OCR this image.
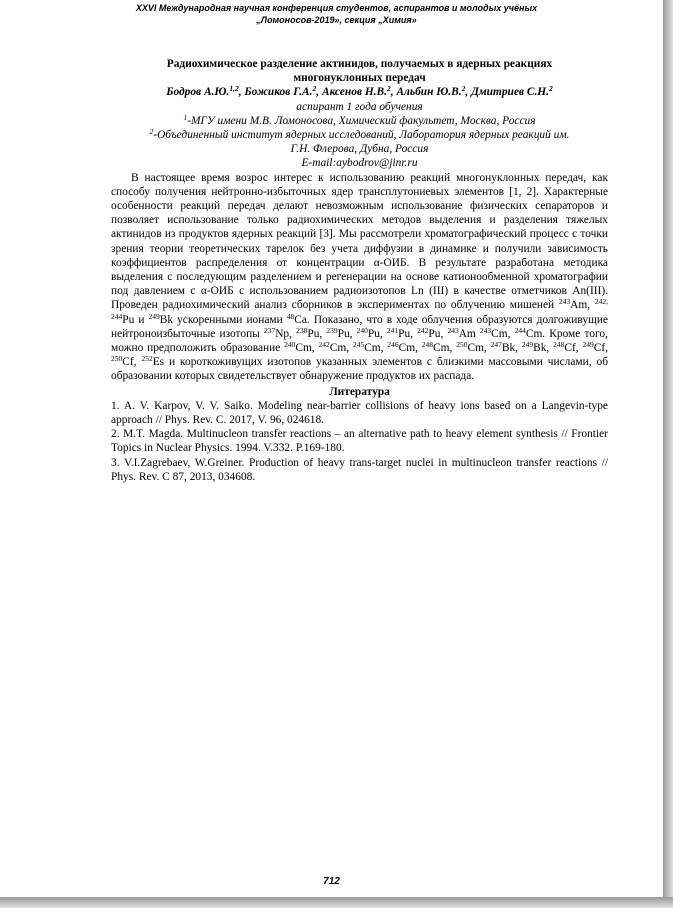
XXVI Международная научная конференция студентов, аспирантов и молодых учёных
„Ломоносов-2019», секция „Химия»
Радиохимическое разделение актинидов, получаемых в ядерных реакциях
многонуклонных передач
Бодров А.Ю.$^{1,2}$, Божиков Г.А.$^2$, Аксенов Н.В.$^2$, Альбин Ю.В.$^2$, Дмитриев С.Н.$^2$
аспирант 1 года обучения
$^1$-МГУ имени М.В. Ломоносова, Химический факультет, Москва, Россия
$^2$-Объединенный институт ядерных исследований, Лаборатория ядерных реакций им.
Г.Н. Флерова, Дубна, Россия
E-mail:aybodrov@jinr.ru

В настоящее время возрос интерес к использованию реакций многонуклонных передач, как способу получения нейтронно-избыточных ядер трансплутониевых элементов [1, 2]. Характерные особенности реакций передач делают невозможным использование физических сепараторов и позволяет использование только радиохимических методов выделения и разделения тяжелых актинидов из продуктов ядерных реакций [3]. Мы рассмотрели хроматографический процесс с точки зрения теории теоретических тарелок без учета диффузии в динамике и получили зависимость коэффициентов распределения от концентрации α-ОИБ. В результате разработана методика выделения с последующим разделением и регенерации на основе катионообменной хроматографии под давлением с α-ОИБ с использованием радиоизотопов Ln (III) в качестве отметчиков An(III). Проведен радиохимический анализ сборников в экспериментах по облучению мишеней $^{243}$Am, $^{242, 244}$Pu и $^{249}$Bk ускоренными ионами $^{48}$Ca. Показано, что в ходе облучения образуются долгоживущие нейтроноизбыточные изотопы $^{237}$Np, $^{238}$Pu, $^{239}$Pu, $^{240}$Pu, $^{241}$Pu, $^{242}$Pu, $^{243}$Am $^{243}$Cm, $^{244}$Cm. Кроме того, можно предположить образование $^{240}$Cm, $^{242}$Cm, $^{245}$Cm, $^{246}$Cm, $^{248}$Cm, $^{250}$Cm, $^{247}$Bk, $^{249}$Bk, $^{248}$Cf, $^{249}$Cf, $^{250}$Cf, $^{252}$Es и короткоживущих изотопов указанных элементов с близкими массовыми числами, об образовании которых свидетельствует обнаружение продуктов их распада.

Литература

1. A. V. Karpov, V. V. Saiko. Modeling near-barrier collisions of heavy ions based on a Langevin-type approach // Phys. Rev. C. 2017, V. 96, 024618.

2. M.T. Magda. Multinucleon transfer reactions – an alternative path to heavy element synthesis // Frontier Topics in Nuclear Physics. 1994. V.332. P.169-180.

3. V.I.Zagrebaev, W.Greiner. Production of heavy trans-target nuclei in multinucleon transfer reactions // Phys. Rev. C 87, 2013, 034608.

712
